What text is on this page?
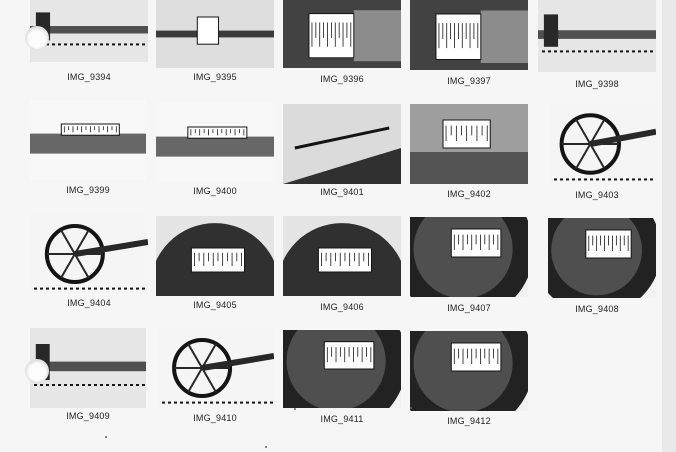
IMG_9394	IMG_9395	IMG_9396	IMG_9397	IMG_9398
IMG_9399	IMG_9400	IMG_9401	IMG_9402	IMG_9403
IMG_9404	IMG_9405	IMG_9406	IMG_9407	IMG_9408
IMG_9409	IMG_9410	IMG_9411	IMG_9412
